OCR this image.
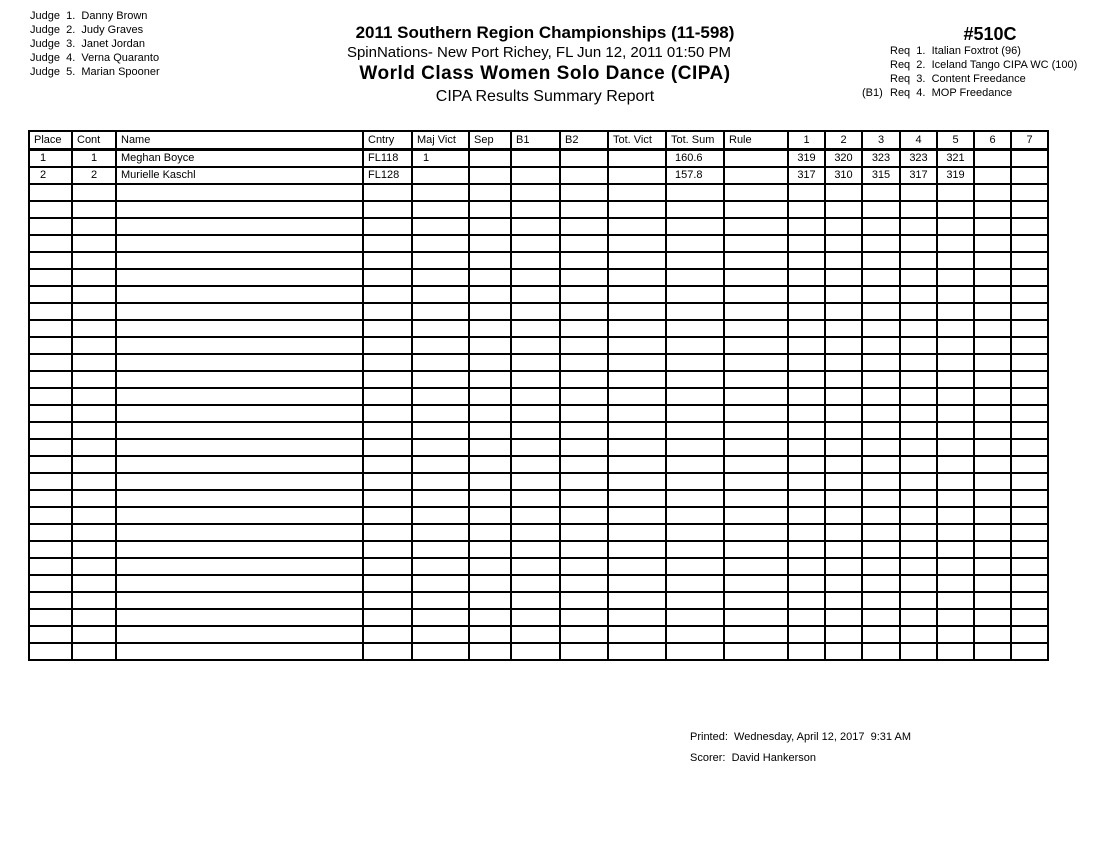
Judge  1. Danny Brown
Judge  2. Judy Graves
Judge  3. Janet Jordan
Judge  4. Verna Quaranto
Judge  5. Marian Spooner
2011 Southern Region Championships (11-598)
SpinNations- New Port Richey, FL Jun 12, 2011 01:50 PM
World Class Women Solo Dance (CIPA)
CIPA Results Summary Report
#510C
Req  1. Italian Foxtrot (96)
Req  2. Iceland Tango CIPA WC (100)
Req  3. Content Freedance
(B1) Req  4. MOP Freedance
Place	Cont	Name	Cntry	Maj Vict	Sep	B1	B2	Tot. Vict	Tot. Sum	Rule	1	2	3	4	5	6	7
1	1	Meghan Boyce	FL118	1					160.6		319	320	323	323	321		
2	2	Murielle Kaschl	FL128						157.8		317	310	315	317	319		

Printed: Wednesday, April 12, 2017  9:31 AM
Scorer: David Hankerson
